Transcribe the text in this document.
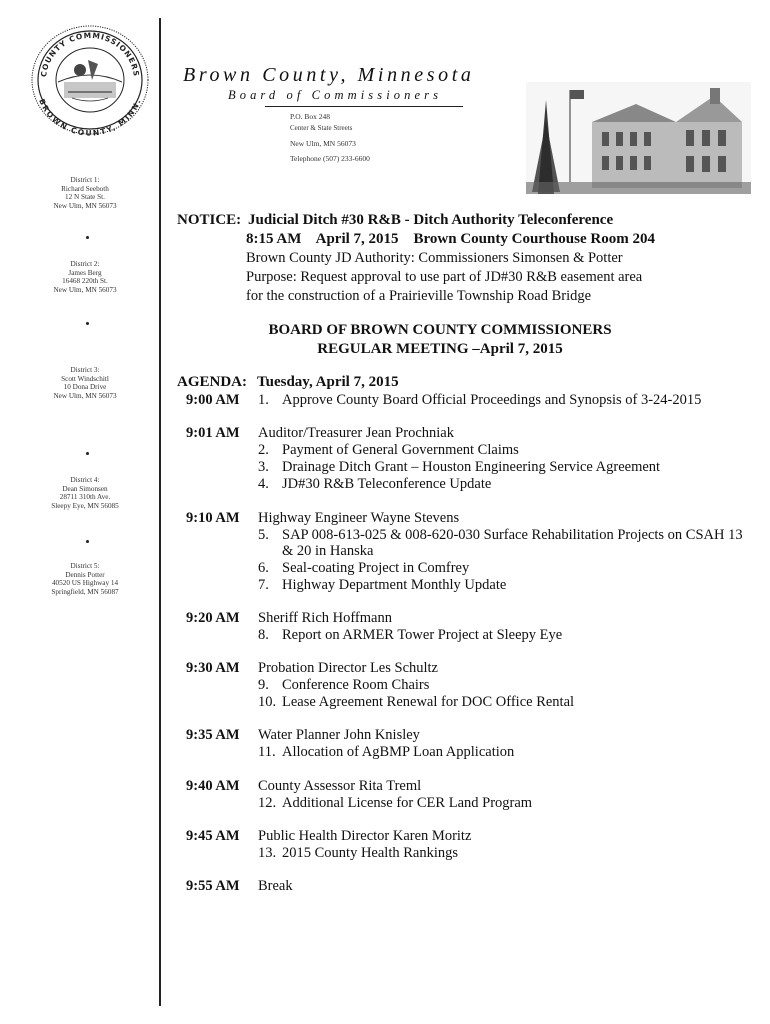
COUNTY COMMISSIONERS
BROWN COUNTY, MINN.
District 1:
Richard Seeboth
12 N State St.
New Ulm, MN 56073
District 2:
James Berg
16468 220th St.
New Ulm, MN 56073
District 3:
Scott Windschitl
10 Dona Drive
New Ulm, MN 56073
District 4:
Dean Simonsen
28711 310th Ave.
Sleepy Eye, MN 56085
District 5:
Dennis Potter
40520 US Highway 14
Springfield, MN 56087
Brown County, Minnesota
Board of Commissioners
P.O. Box 248
Center & State Streets
New Ulm, MN 56073
Telephone (507) 233-6600
NOTICE: Judicial Ditch #30 R&B - Ditch Authority Teleconference
8:15 AM April 7, 2015 Brown County Courthouse Room 204
Brown County JD Authority: Commissioners Simonsen & Potter
Purpose: Request approval to use part of JD#30 R&B easement area
for the construction of a Prairieville Township Road Bridge
BOARD OF BROWN COUNTY COMMISSIONERS
REGULAR MEETING –April 7, 2015
AGENDA: Tuesday, April 7, 2015
9:00 AM 1. Approve County Board Official Proceedings and Synopsis of 3-24-2015
9:01 AM Auditor/Treasurer Jean Prochniak
2. Payment of General Government Claims
3. Drainage Ditch Grant – Houston Engineering Service Agreement
4. JD#30 R&B Teleconference Update
9:10 AM Highway Engineer Wayne Stevens
5. SAP 008-613-025 & 008-620-030 Surface Rehabilitation Projects on CSAH 13
& 20 in Hanska
6. Seal-coating Project in Comfrey
7. Highway Department Monthly Update
9:20 AM Sheriff Rich Hoffmann
8. Report on ARMER Tower Project at Sleepy Eye
9:30 AM Probation Director Les Schultz
9. Conference Room Chairs
10. Lease Agreement Renewal for DOC Office Rental
9:35 AM Water Planner John Knisley
11. Allocation of AgBMP Loan Application
9:40 AM County Assessor Rita Treml
12. Additional License for CER Land Program
9:45 AM Public Health Director Karen Moritz
13. 2015 County Health Rankings
9:55 AM Break
